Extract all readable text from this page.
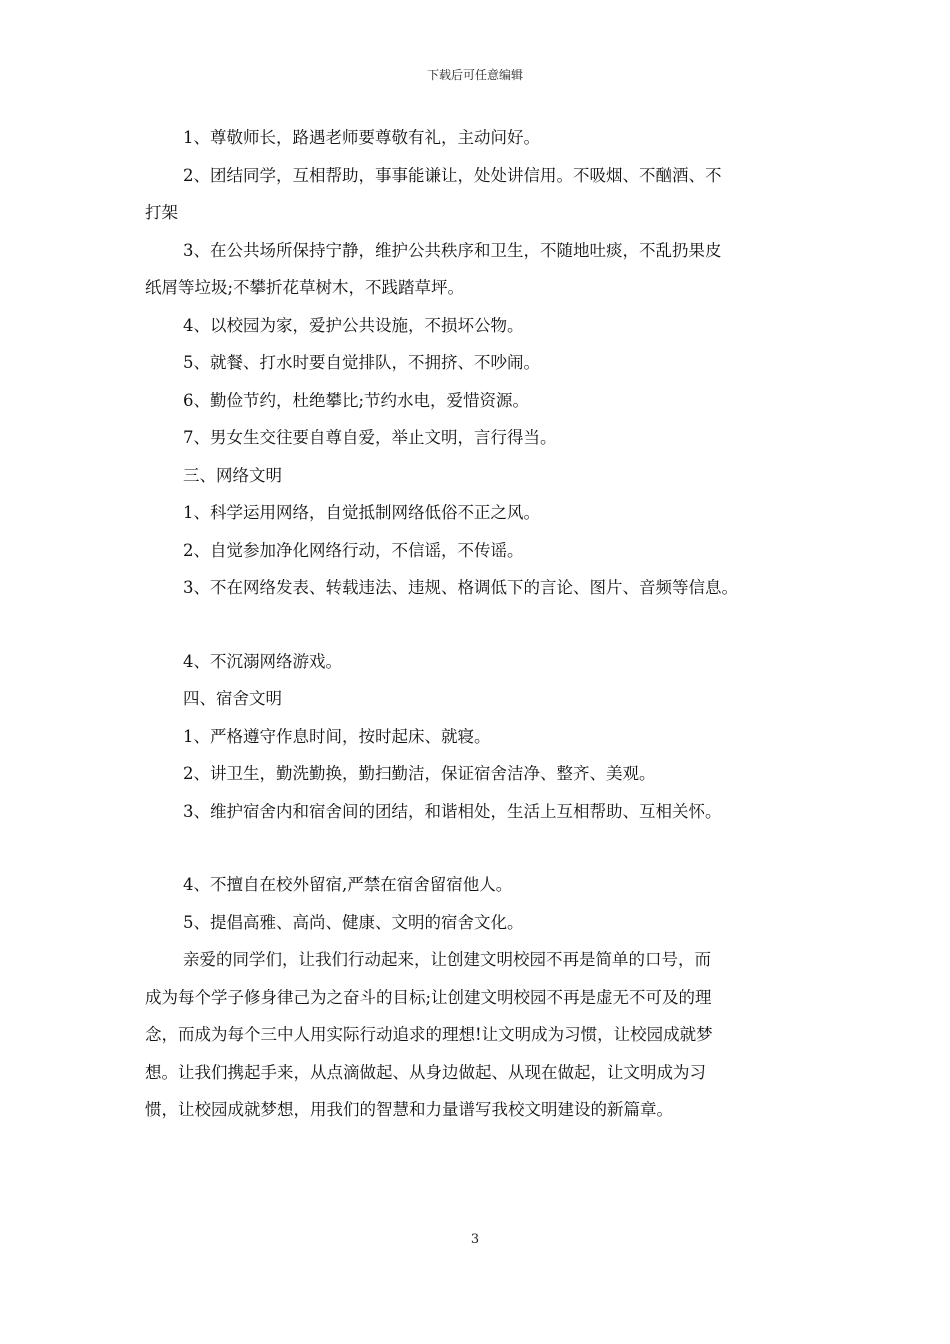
下载后可任意编辑
1、尊敬师长，路遇老师要尊敬有礼，主动问好。
2、团结同学，互相帮助，事事能谦让，处处讲信用。不吸烟、不酗酒、不
打架
3、在公共场所保持宁静，维护公共秩序和卫生，不随地吐痰，不乱扔果皮
纸屑等垃圾;不攀折花草树木，不践踏草坪。
4、以校园为家，爱护公共设施，不损坏公物。
5、就餐、打水时要自觉排队，不拥挤、不吵闹。
6、勤俭节约，杜绝攀比;节约水电，爱惜资源。
7、男女生交往要自尊自爱，举止文明，言行得当。
三、网络文明
1、科学运用网络，自觉抵制网络低俗不正之风。
2、自觉参加净化网络行动，不信谣，不传谣。
3、不在网络发表、转载违法、违规、格调低下的言论、图片、音频等信息。
4、不沉溺网络游戏。
四、宿舍文明
1、严格遵守作息时间，按时起床、就寝。
2、讲卫生，勤洗勤换，勤扫勤洁，保证宿舍洁净、整齐、美观。
3、维护宿舍内和宿舍间的团结，和谐相处，生活上互相帮助、互相关怀。
4、不擅自在校外留宿,严禁在宿舍留宿他人。
5、提倡高雅、高尚、健康、文明的宿舍文化。
亲爱的同学们，让我们行动起来，让创建文明校园不再是简单的口号，而
成为每个学子修身律己为之奋斗的目标;让创建文明校园不再是虚无不可及的理
念，而成为每个三中人用实际行动追求的理想!让文明成为习惯，让校园成就梦
想。让我们携起手来，从点滴做起、从身边做起、从现在做起，让文明成为习
惯，让校园成就梦想，用我们的智慧和力量谱写我校文明建设的新篇章。
3
